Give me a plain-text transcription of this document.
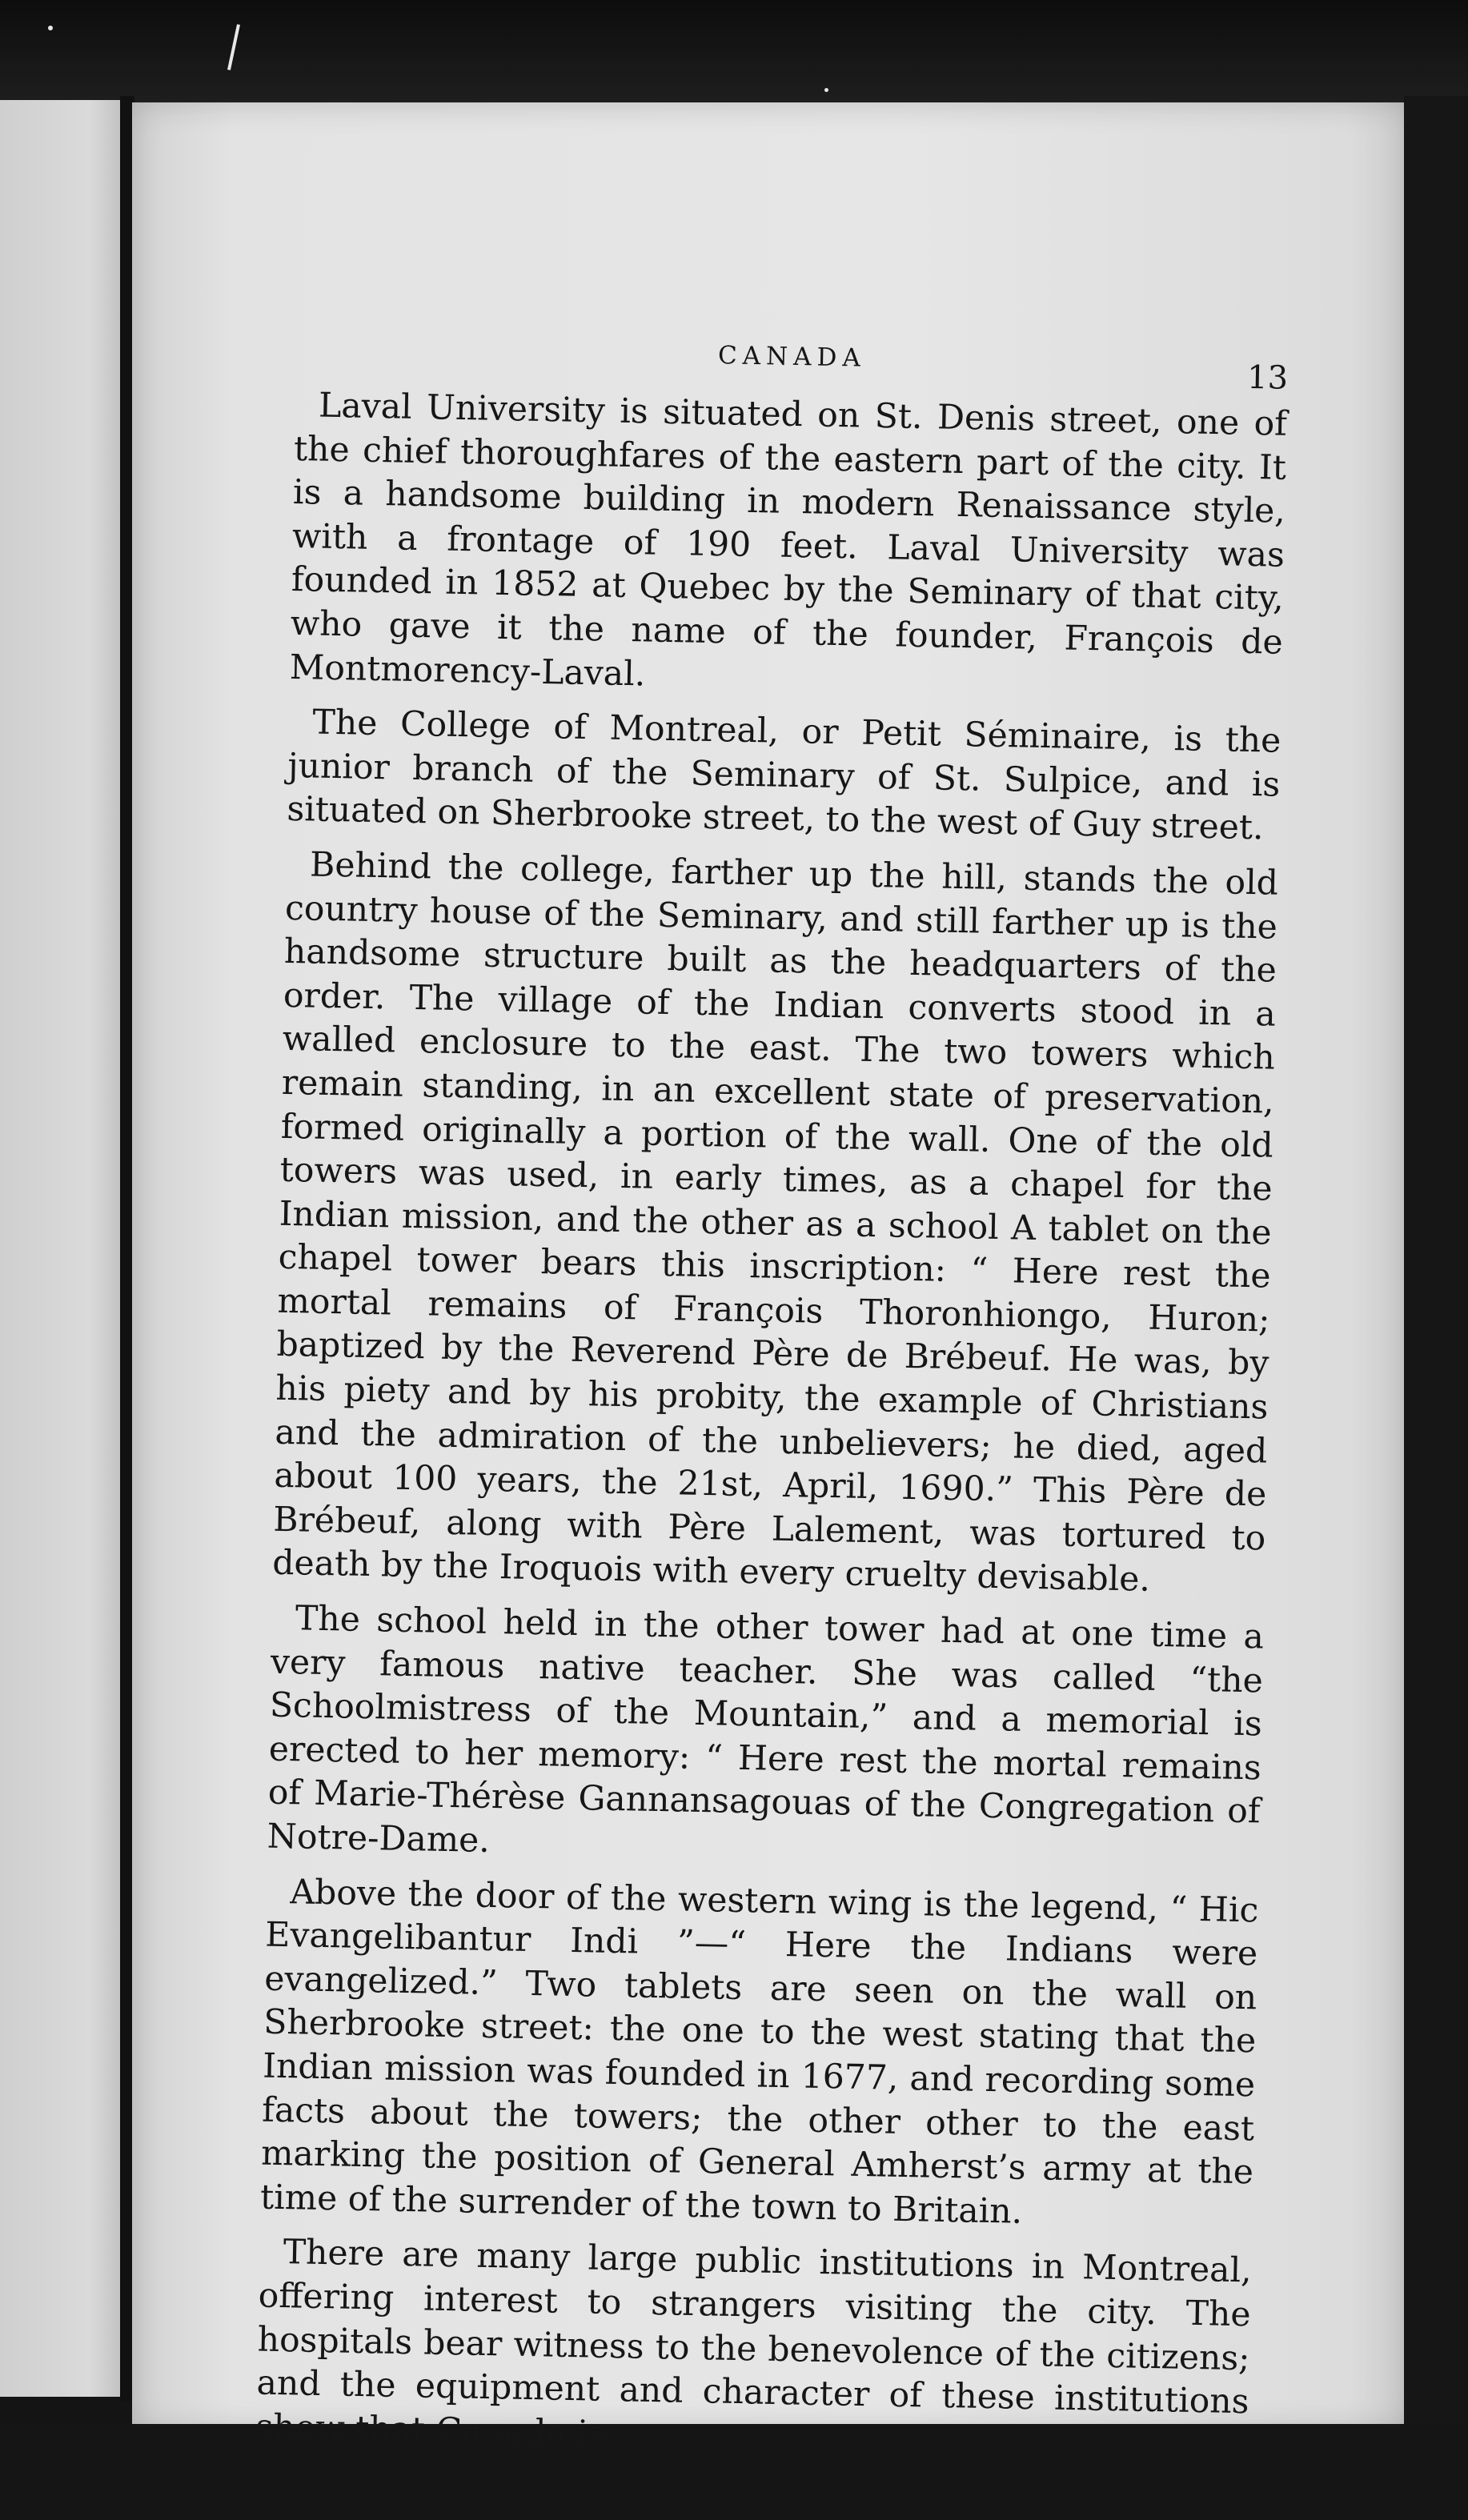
CANADA
13

Laval University is situated on St. Denis street, one of the chief thoroughfares of the eastern part of the city. It is a handsome building in modern Renaissance style, with a frontage of 190 feet. Laval University was founded in 1852 at Quebec by the Seminary of that city, who gave it the name of the founder, François de Montmorency-Laval.

The College of Montreal, or Petit Séminaire, is the junior branch of the Seminary of St. Sulpice, and is situated on Sherbrooke street, to the west of Guy street.

Behind the college, farther up the hill, stands the old country house of the Seminary, and still farther up is the handsome structure built as the headquarters of the order. The village of the Indian converts stood in a walled enclosure to the east. The two towers which remain standing, in an excellent state of preservation, formed originally a portion of the wall. One of the old towers was used, in early times, as a chapel for the Indian mission, and the other as a school A tablet on the chapel tower bears this inscription: “ Here rest the mortal remains of François Thoronhiongo, Huron; baptized by the Reverend Père de Brébeuf. He was, by his piety and by his probity, the example of Christians and the admiration of the unbelievers; he died, aged about 100 years, the 21st, April, 1690.” This Père de Brébeuf, along with Père Lalement, was tortured to death by the Iroquois with every cruelty devisable.

The school held in the other tower had at one time a very famous native teacher. She was called “the Schoolmistress of the Mountain,” and a memorial is erected to her memory: “ Here rest the mortal remains of Marie-Thérèse Gannansagouas of the Congregation of Notre-Dame.

Above the door of the western wing is the legend, “ Hic Evangelibantur Indi ”—“ Here the Indians were evangelized.” Two tablets are seen on the wall on Sherbrooke street: the one to the west stating that the Indian mission was founded in 1677, and recording some facts about the towers; the other other to the east marking the position of General Amherst’s army at the time of the surrender of the town to Britain.

There are many large public institutions in Montreal, offering interest to strangers visiting the city. The hospitals bear witness to the benevolence of the citizens; and the equipment and character of these institutions show that Canada is
